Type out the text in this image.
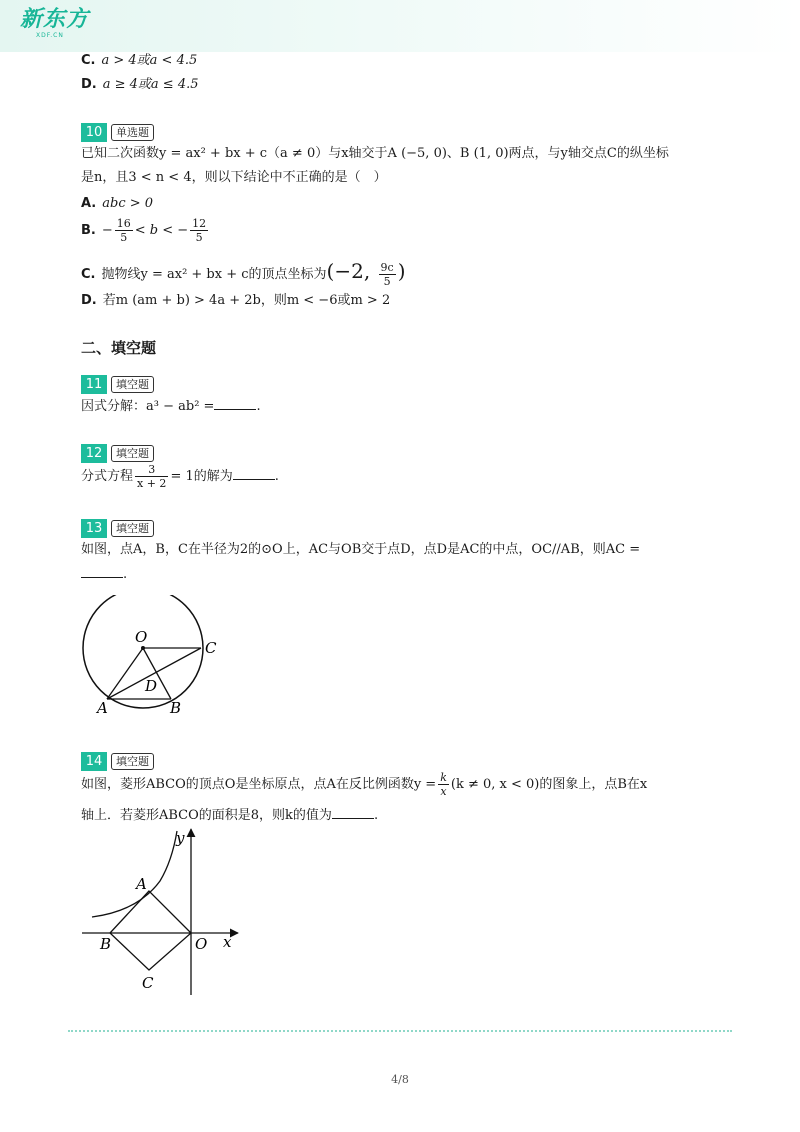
新东方
XDF.CN
C. a > 4或a < 4.5
D. a ≥ 4或a ≤ 4.5
10 单选题
已知二次函数y = ax² + bx + c（a ≠ 0）与x轴交于A (−5, 0)、B (1, 0)两点，与y轴交点C的纵坐标
是n，且3 < n < 4，则以下结论中不正确的是（　）
A. abc > 0
B. − $\frac{16}{5} < b$ < − $\frac{12}{5}$
C. 抛物线y = ax² + bx + c的顶点坐标为(−2, $\frac{9c}{5}$ )
D. 若m (am + b) > 4a + 2b，则m < −6或m > 2
二、填空题
11 填空题
因式分解：a³ − ab² =	.
12 填空题
分式方程 $\frac{3}{x + 2} = 1$的解为	.
13 填空题
如图，点A，B，C在半径为2的⊙O上，AC与OB交于点D，点D是AC的中点，OC//AB，则AC =
.
O
C
D
A	B
14 填空题
如图，菱形ABCO的顶点O是坐标原点，点A在反比例函数$y = \frac{k}{x} (k \ne 0$, x < 0)的图象上，点B在x
轴上．若菱形ABCO的面积是8，则k的值为	.
y
x
A
B	O
C
4/8
